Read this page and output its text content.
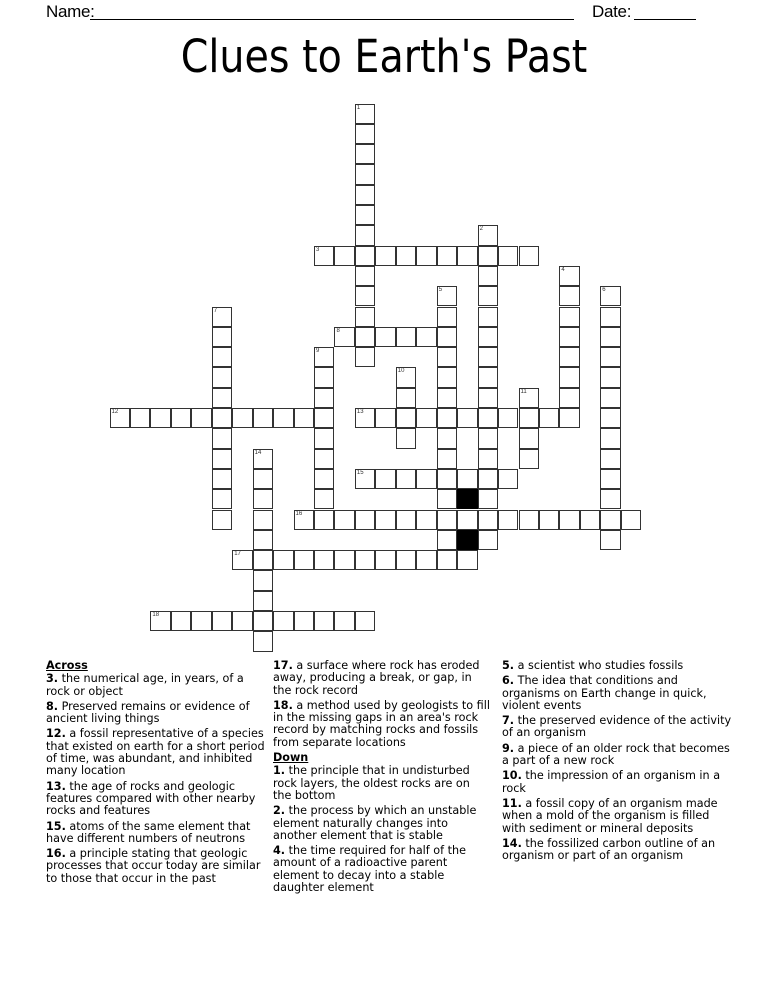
Name:	Date:
Clues to Earth's Past
3
8
12	13
15
16
17
18
1
2
4
5	6
7
9
10
11
14
Across
3. the numerical age, in years, of a rock or object
8. Preserved remains or evidence of ancient living things
12. a fossil representative of a species that existed on earth for a short period of time, was abundant, and inhibited many location
13. the age of rocks and geologic features compared with other nearby rocks and features
15. atoms of the same element that have different numbers of neutrons
16. a principle stating that geologic processes that occur today are similar to those that occur in the past
17. a surface where rock has eroded away, producing a break, or gap, in the rock record
18. a method used by geologists to fill in the missing gaps in an area's rock record by matching rocks and fossils from separate locations
Down
1. the principle that in undisturbed rock layers, the oldest rocks are on the bottom
2. the process by which an unstable element naturally changes into another element that is stable
4. the time required for half of the amount of a radioactive parent element to decay into a stable daughter element
5. a scientist who studies fossils
6. The idea that conditions and organisms on Earth change in quick, violent events
7. the preserved evidence of the activity of an organism
9. a piece of an older rock that becomes a part of a new rock
10. the impression of an organism in a rock
11. a fossil copy of an organism made when a mold of the organism is filled with sediment or mineral deposits
14. the fossilized carbon outline of an organism or part of an organism
